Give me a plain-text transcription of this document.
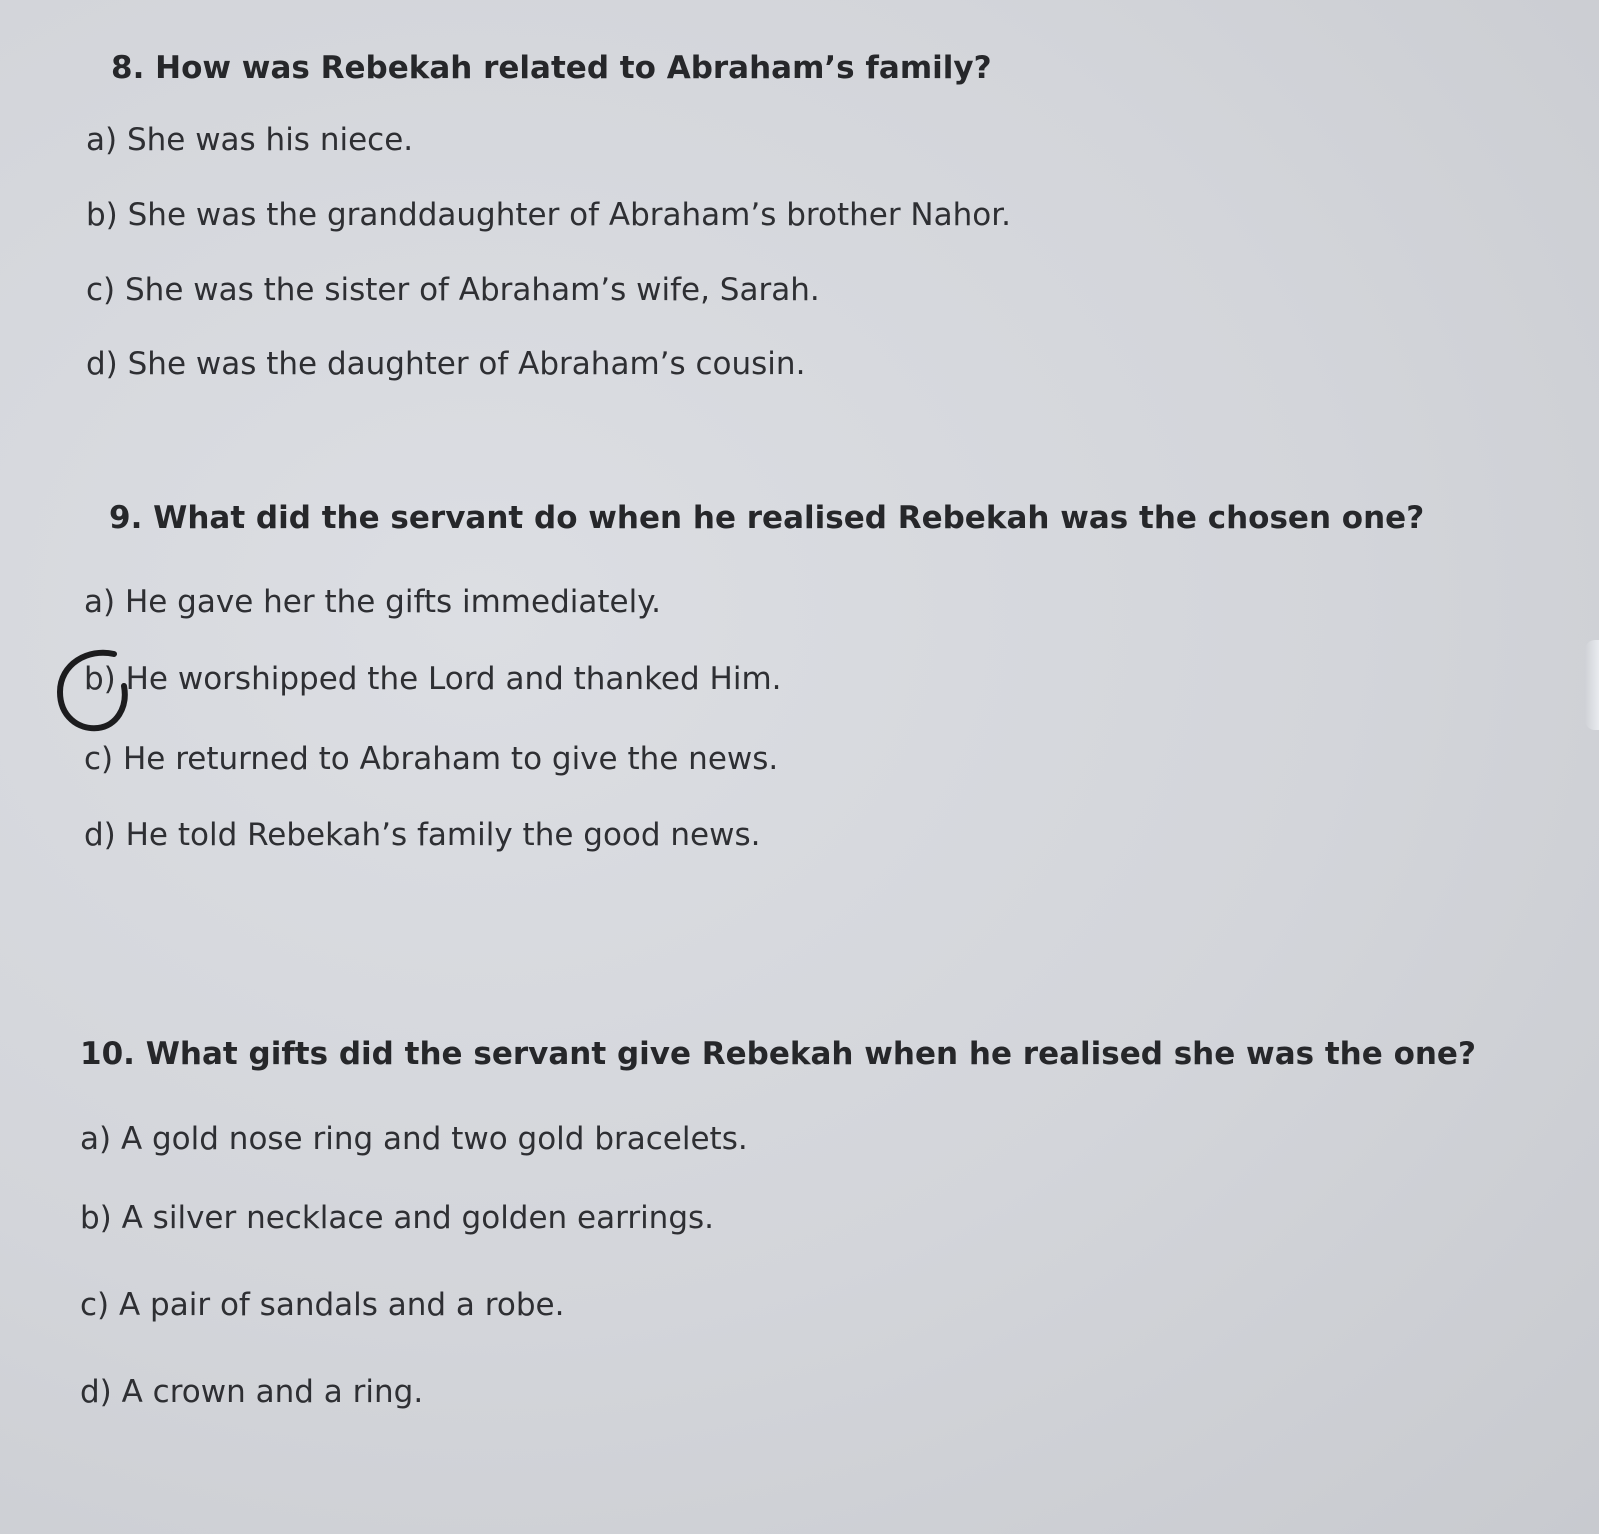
8. How was Rebekah related to Abraham’s family?
a) She was his niece.
b) She was the granddaughter of Abraham’s brother Nahor.
c) She was the sister of Abraham’s wife, Sarah.
d) She was the daughter of Abraham’s cousin.
9. What did the servant do when he realised Rebekah was the chosen one?
a) He gave her the gifts immediately.
b) He worshipped the Lord and thanked Him.
c) He returned to Abraham to give the news.
d) He told Rebekah’s family the good news.
10. What gifts did the servant give Rebekah when he realised she was the one?
a) A gold nose ring and two gold bracelets.
b) A silver necklace and golden earrings.
c) A pair of sandals and a robe.
d) A crown and a ring.
